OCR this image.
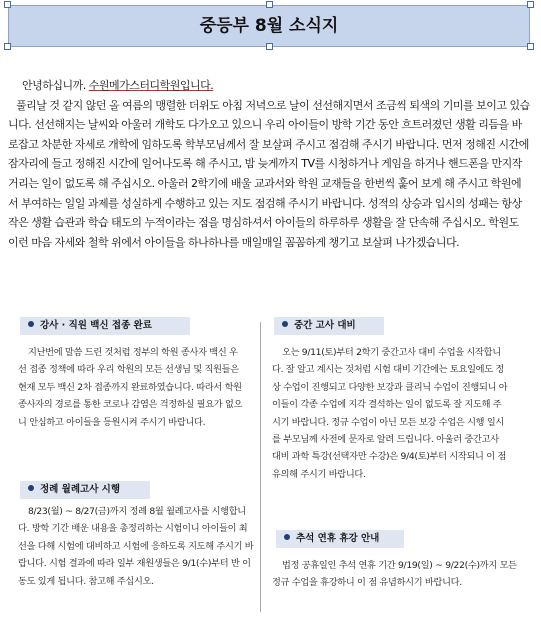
중등부 8월 소식지

안녕하십니까. 수원메가스터디학원입니다.

풀리날 것 같지 않던 올 여름의 맹렬한 더위도 아침 저녁으로 날이 선선해지면서 조금씩 퇴색의 기미를 보이고 있습니다. 선선해지는 날씨와 아울러 개학도 다가오고 있으니 우리 아이들이 방학 기간 동안 흐트러졌던 생활 리듬을 바로잡고 차분한 자세로 개학에 임하도록 학부모님께서 잘 보살펴 주시고 점검해 주시기 바랍니다. 먼저 정해진 시간에 잠자리에 들고 정해진 시간에 일어나도록 해 주시고, 밤 늦게까지 TV를 시청하거나 게임을 하거나 핸드폰을 만지작거리는 일이 없도록 해 주십시오. 아울러 2학기에 배울 교과서와 학원 교재들을 한번씩 훑어 보게 해 주시고 학원에서 부여하는 일일 과제를 성실하게 수행하고 있는 지도 점검해 주시기 바랍니다. 성적의 상승과 입시의 성패는 항상 작은 생활 습관과 학습 태도의 누적이라는 점을 명심하셔서 아이들의 하루하루 생활을 잘 단속해 주십시오. 학원도 이런 마음 자세와 철학 위에서 아이들을 하나하나를 매일매일 꼼꼼하게 챙기고 보살펴 나가겠습니다.

강사 · 직원 백신 접종 완료

지난번에 말씀 드린 것처럼 정부의 학원 종사자 백신 우선 접종 정책에 따라 우리 학원의 모든 선생님 및 직원들은 현재 모두 백신 2차 접종까지 완료하였습니다. 따라서 학원 종사자의 경로를 통한 코로나 감염은 걱정하실 필요가 없으니 안심하고 아이들을 등원시켜 주시기 바랍니다.

정례 월례고사 시행

8/23(월) ~ 8/27(금)까지 정례 8월 월례고사를 시행합니다. 방학 기간 배운 내용을 총정리하는 시험이니 아이들이 최선을 다해 시험에 대비하고 시험에 응하도록 지도해 주시기 바랍니다. 시험 결과에 따라 일부 재원생들은 9/1(수)부터 반 이동도 있게 됩니다. 참고해 주십시오.

중간 고사 대비

오는 9/11(토)부터 2학기 중간고사 대비 수업을 시작합니다. 잘 알고 계시는 것처럼 시험 대비 기간에는 토요일에도 정상 수업이 진행되고 다양한 보강과 클리닉 수업이 진행되니 아이들이 각종 수업에 지각 결석하는 일이 없도록 잘 지도해 주시기 바랍니다. 정규 수업이 아닌 모든 보강 수업은 시행 일시를 부모님께 사전에 문자로 알려 드립니다. 아울러 중간고사 대비 과학 특강(선택자만 수강)은 9/4(토)부터 시작되니 이 점 유의해 주시기 바랍니다.

추석 연휴 휴강 안내

법정 공휴일인 추석 연휴 기간 9/19(일) ~ 9/22(수)까지 모든 정규 수업을 휴강하니 이 점 유념하시기 바랍니다.
